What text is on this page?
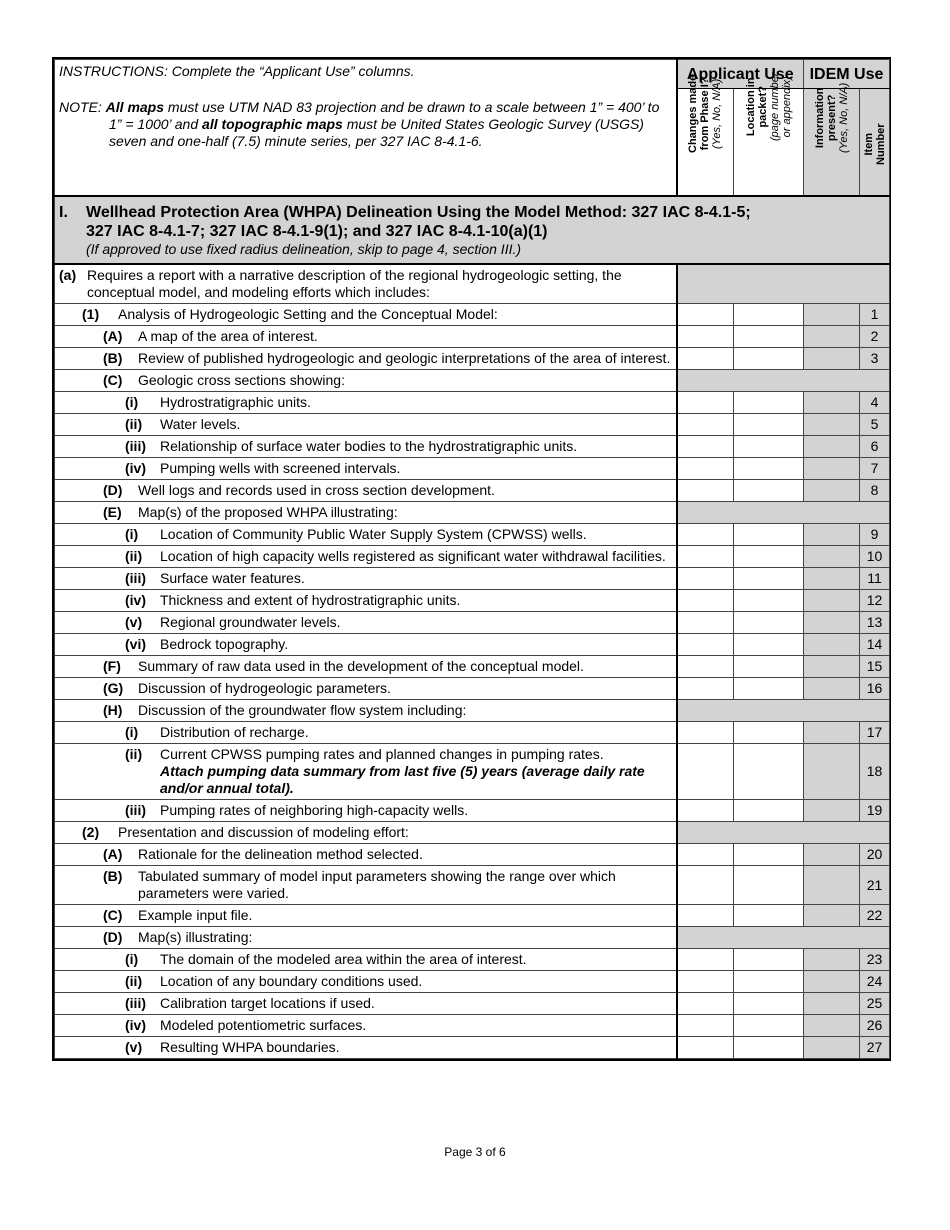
INSTRUCTIONS: Complete the “Applicant Use” columns.

NOTE: All maps must use UTM NAD 83 projection and be drawn to a scale between 1” = 400’ to 1” = 1000’ and all topographic maps must be United States Geologic Survey (USGS) seven and one-half (7.5) minute series, per 327 IAC 8-4.1-6.	Applicant Use		IDEM Use	

	Changes made from Phase I? (Yes, No, N/A)	Location in packet? (page number or appendix)	Information present? (Yes, No, N/A)	Item Number

I. Wellhead Protection Area (WHPA) Delineation Using the Model Method: 327 IAC 8-4.1-5;
327 IAC 8-4.1-7; 327 IAC 8-4.1-9(1); and 327 IAC 8-4.1-10(a)(1)
(If approved to use fixed radius delineation, skip to page 4, section III.)				

(a) Requires a report with a narrative description of the regional hydrogeologic setting, the conceptual model, and modeling efforts which includes:				

(1) Analysis of Hydrogeologic Setting and the Conceptual Model:				1

(A) A map of the area of interest.				2

(B) Review of published hydrogeologic and geologic interpretations of the area of interest.				3

(C) Geologic cross sections showing:				

(i) Hydrostratigraphic units.				4

(ii) Water levels.				5

(iii) Relationship of surface water bodies to the hydrostratigraphic units.				6

(iv) Pumping wells with screened intervals.				7

(D) Well logs and records used in cross section development.				8

(E) Map(s) of the proposed WHPA illustrating:				

(i) Location of Community Public Water Supply System (CPWSS) wells.				9

(ii) Location of high capacity wells registered as significant water withdrawal facilities.				10

(iii) Surface water features.				11

(iv) Thickness and extent of hydrostratigraphic units.				12

(v) Regional groundwater levels.				13

(vi) Bedrock topography.				14

(F) Summary of raw data used in the development of the conceptual model.				15

(G) Discussion of hydrogeologic parameters.				16

(H) Discussion of the groundwater flow system including:				

(i) Distribution of recharge.				17

(ii) Current CPWSS pumping rates and planned changes in pumping rates.
Attach pumping data summary from last five (5) years (average daily rate and/or annual total).				18

(iii) Pumping rates of neighboring high-capacity wells.				19

(2) Presentation and discussion of modeling effort:				

(A) Rationale for the delineation method selected.				20

(B) Tabulated summary of model input parameters showing the range over which parameters were varied.				21

(C) Example input file.				22

(D) Map(s) illustrating:				

(i) The domain of the modeled area within the area of interest.				23

(ii) Location of any boundary conditions used.				24

(iii) Calibration target locations if used.				25

(iv) Modeled potentiometric surfaces.				26

(v) Resulting WHPA boundaries.				27
Page 3 of 6
